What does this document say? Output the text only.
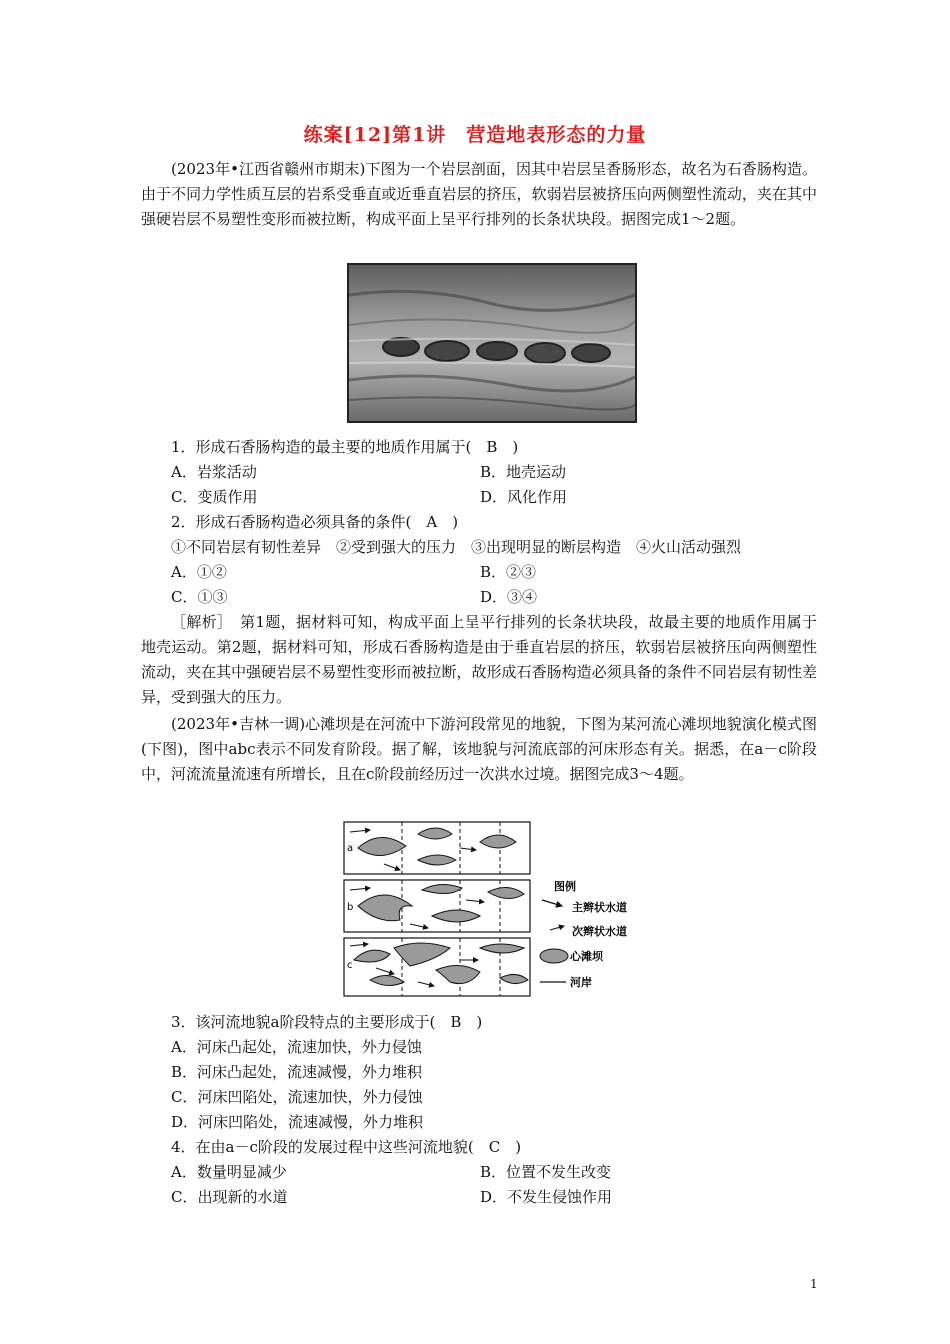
练案[12]第1讲　营造地表形态的力量

(2023年•江西省赣州市期末)下图为一个岩层剖面，因其中岩层呈香肠形态，故名为石香肠构造。由于不同力学性质互层的岩系受垂直或近垂直岩层的挤压，软弱岩层被挤压向两侧塑性流动，夹在其中强硬岩层不易塑性变形而被拉断，构成平面上呈平行排列的长条状块段。据图完成1～2题。

1．形成石香肠构造的最主要的地质作用属于(　B　)
A．岩浆活动	B．地壳运动
C．变质作用	D．风化作用
2．形成石香肠构造必须具备的条件(　A　)
①不同岩层有韧性差异　②受到强大的压力　③出现明显的断层构造　④火山活动强烈
A．①②	B．②③
C．①③	D．③④

［解析］　第1题，据材料可知，构成平面上呈平行排列的长条状块段，故最主要的地质作用属于地壳运动。第2题，据材料可知，形成石香肠构造是由于垂直岩层的挤压，软弱岩层被挤压向两侧塑性流动，夹在其中强硬岩层不易塑性变形而被拉断，故形成石香肠构造必须具备的条件不同岩层有韧性差异，受到强大的压力。

(2023年•吉林一调)心滩坝是在河流中下游河段常见的地貌，下图为某河流心滩坝地貌演化模式图(下图)，图中abc表示不同发育阶段。据了解，该地貌与河流底部的河床形态有关。据悉，在a－c阶段中，河流流量流速有所增长，且在c阶段前经历过一次洪水过境。据图完成3～4题。

a
b
c
图例
主辫状水道
次辫状水道
心滩坝
河岸
3．该河流地貌a阶段特点的主要形成于(　B　)
A．河床凸起处，流速加快，外力侵蚀
B．河床凸起处，流速减慢，外力堆积
C．河床凹陷处，流速加快，外力侵蚀
D．河床凹陷处，流速减慢，外力堆积
4．在由a－c阶段的发展过程中这些河流地貌(　C　)
A．数量明显减少	B．位置不发生改变
C．出现新的水道	D．不发生侵蚀作用
1
